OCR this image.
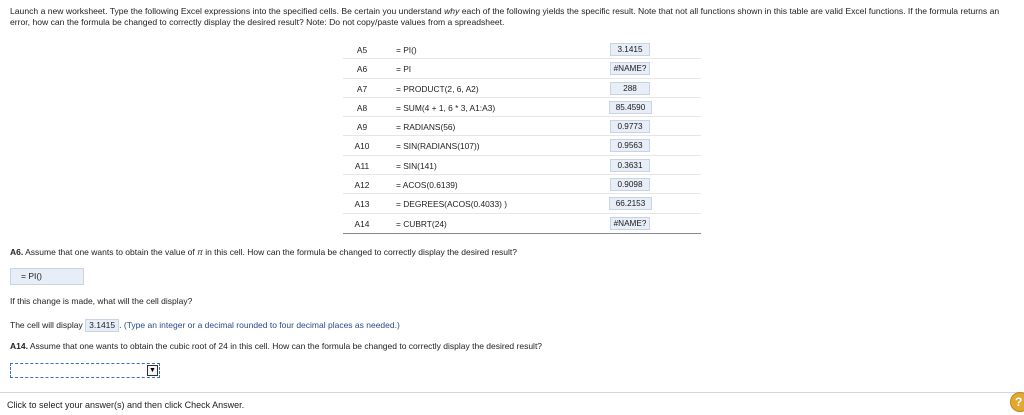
Launch a new worksheet. Type the following Excel expressions into the specified cells. Be certain you understand why each of the following yields the specific result. Note that not all functions shown in this table are valid Excel functions. If the formula returns an error, how can the formula be changed to correctly display the desired result? Note: Do not copy/paste values from a spreadsheet.
A5	= PI()	3.1415
A6	= PI	#NAME?
A7	= PRODUCT(2, 6, A2)	288
A8	= SUM(4 + 1, 6 * 3, A1:A3)	85.4590
A9	= RADIANS(56)	0.9773
A10	= SIN(RADIANS(107))	0.9563
A11	= SIN(141)	0.3631
A12	= ACOS(0.6139)	0.9098
A13	= DEGREES(ACOS(0.4033) )	66.2153
A14	= CUBRT(24)	#NAME?
A6. Assume that one wants to obtain the value of π in this cell. How can the formula be changed to correctly display the desired result?
= PI()
If this change is made, what will the cell display?
The cell will display 3.1415 . (Type an integer or a decimal rounded to four decimal places as needed.)
A14. Assume that one wants to obtain the cubic root of 24 in this cell. How can the formula be changed to correctly display the desired result?
▼
Click to select your answer(s) and then click Check Answer.	?
